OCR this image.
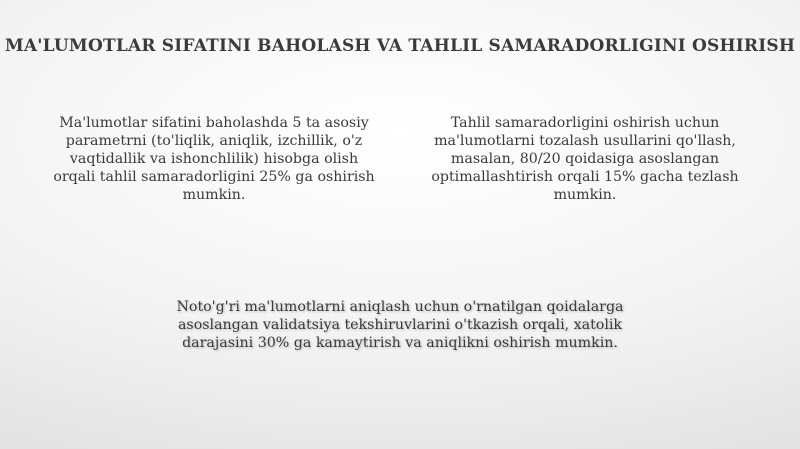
MA'LUMOTLAR SIFATINI BAHOLASH VA TAHLIL SAMARADORLIGINI OSHIRISH
Ma'lumotlar sifatini baholashda 5 ta asosiy parametrni (to'liqlik, aniqlik, izchillik, o'z vaqtidallik va ishonchlilik) hisobga olish orqali tahlil samaradorligini 25% ga oshirish mumkin.
Tahlil samaradorligini oshirish uchun ma'lumotlarni tozalash usullarini qo'llash, masalan, 80/20 qoidasiga asoslangan optimallashtirish orqali 15% gacha tezlash mumkin.
Noto'g'ri ma'lumotlarni aniqlash uchun o'rnatilgan qoidalarga asoslangan validatsiya tekshiruvlarini o'tkazish orqali, xatolik darajasini 30% ga kamaytirish va aniqlikni oshirish mumkin.
